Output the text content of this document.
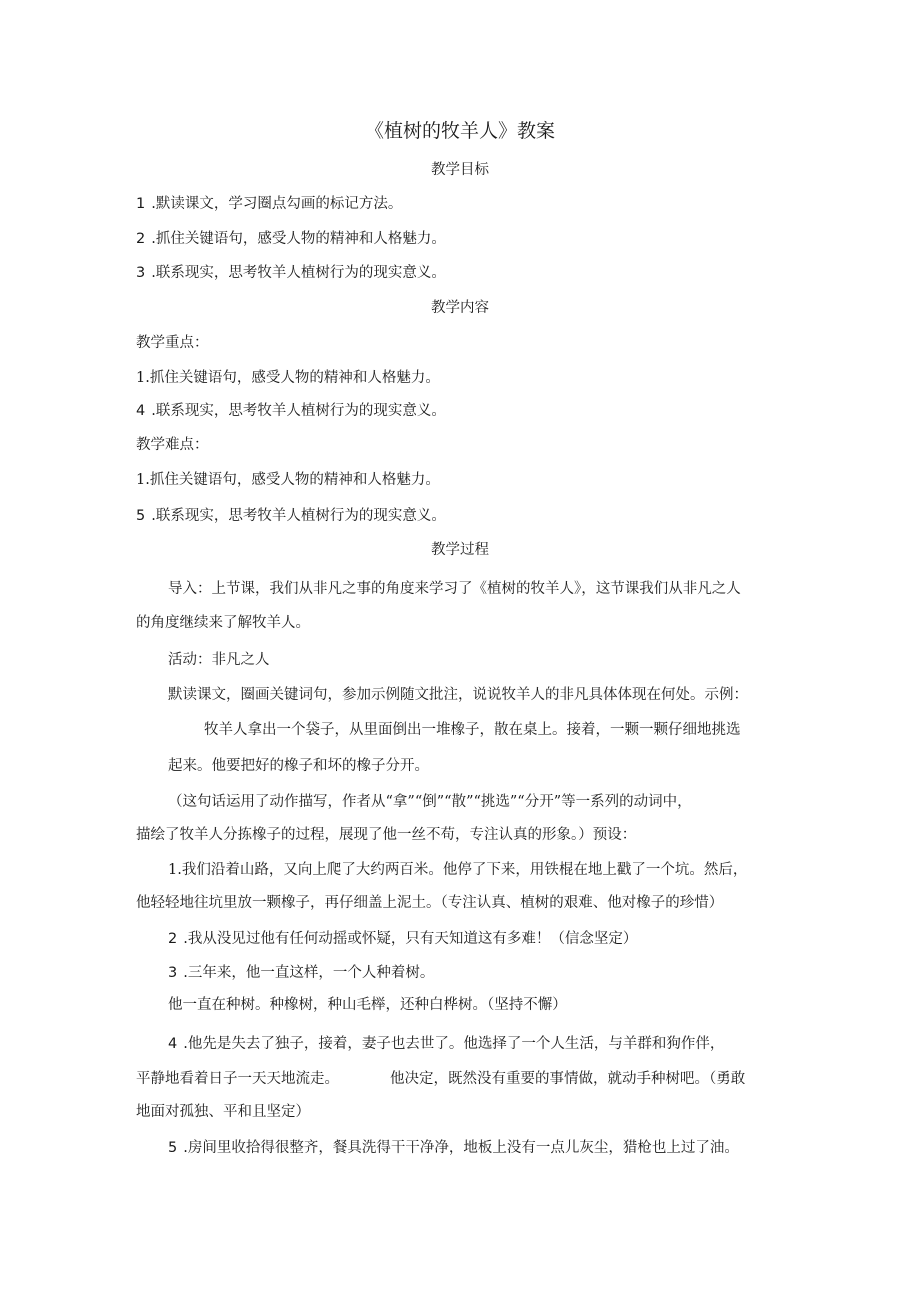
《植树的牧羊人》教案
教学目标
1 .默读课文，学习圈点勾画的标记方法。
2 .抓住关键语句，感受人物的精神和人格魅力。
3 .联系现实，思考牧羊人植树行为的现实意义。
教学内容
教学重点：
1.抓住关键语句，感受人物的精神和人格魅力。
4 .联系现实，思考牧羊人植树行为的现实意义。
教学难点：
1.抓住关键语句，感受人物的精神和人格魅力。
5 .联系现实，思考牧羊人植树行为的现实意义。
教学过程
导入：上节课，我们从非凡之事的角度来学习了《植树的牧羊人》，这节课我们从非凡之人
的角度继续来了解牧羊人。
活动：非凡之人
默读课文，圈画关键词句，参加示例随文批注，说说牧羊人的非凡具体体现在何处。示例：
牧羊人拿出一个袋子，从里面倒出一堆橡子，散在桌上。接着，一颗一颗仔细地挑选
起来。他要把好的橡子和坏的橡子分开。
（这句话运用了动作描写，作者从“拿”“倒”“散”“挑选”“分开”等一系列的动词中，
描绘了牧羊人分拣橡子的过程，展现了他一丝不苟，专注认真的形象。）预设：
1.我们沿着山路，又向上爬了大约两百米。他停了下来，用铁棍在地上戳了一个坑。然后，
他轻轻地往坑里放一颗橡子，再仔细盖上泥土。（专注认真、植树的艰难、他对橡子的珍惜）
2 .我从没见过他有任何动摇或怀疑，只有天知道这有多难！（信念坚定）
3 .三年来，他一直这样，一个人种着树。
他一直在种树。种橡树，种山毛榉，还种白桦树。（坚持不懈）
4 .他先是失去了独子，接着，妻子也去世了。他选择了一个人生活，与羊群和狗作伴，
平静地看着日子一天天地流走。	他决定，既然没有重要的事情做，就动手种树吧。（勇敢
地面对孤独、平和且坚定）
5 .房间里收拾得很整齐，餐具洗得干干净净，地板上没有一点儿灰尘，猎枪也上过了油。
